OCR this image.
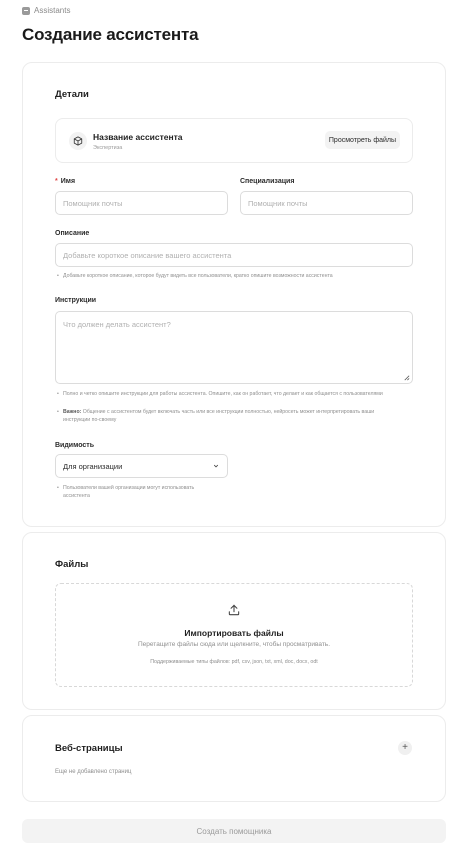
Assistants
Создание ассистента
Детали
Название ассистента
Экспертиза
Просмотреть файлы
* Имя
Помощник почты
Специализация
Помощник почты
Описание
Добавьте короткое описание вашего ассистента
• Добавьте короткое описание, которое будут видеть все пользователи, кратко опишите возможности ассистента
Инструкции
Что должен делать ассистент?
• Полно и четко опишите инструкции для работы ассистента. Опишите, как он работает, что делает и как общается с пользователями
• Важно: Общение с ассистентом будет включать часть или все инструкции полностью, нейросеть может интерпретировать ваши инструкции по-своему
Видимость
Для организации
• Пользователи вашей организации могут использовать ассистента
Файлы
Импортировать файлы
Перетащите файлы сюда или щелкните, чтобы просматривать.
Поддерживаемые типы файлов: pdf, csv, json, txt, xml, doc, docx, odt
Веб-страницы	+
Еще не добавлено страниц
Создать помощника
